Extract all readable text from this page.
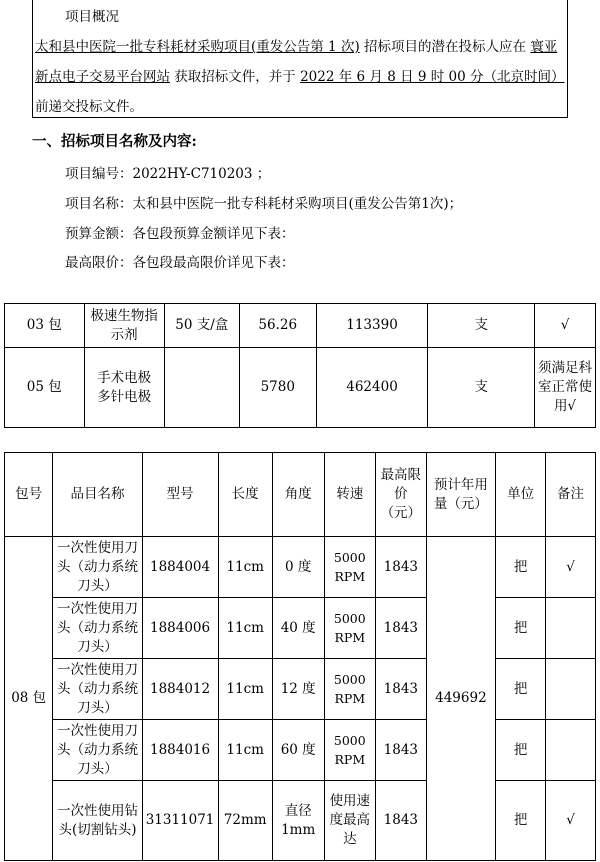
项目概况
太和县中医院一批专科耗材采购项目(重发公告第 1 次) 招标项目的潜在投标人应在 寰亚新点电子交易平台网站 获取招标文件，并于 2022 年 6 月 8 日 9 时 00 分（北京时间） 前递交投标文件。
一、招标项目名称及内容:
项目编号：2022HY-C710203 ；
项目名称：太和县中医院一批专科耗材采购项目(重发公告第1次)；
预算金额：各包段预算金额详见下表：
最高限价：各包段最高限价详见下表：
03 包	极速生物指示剂	50 支/盒	56.26	113390	支	√
05 包	手术电极多针电极		5780	462400	支	须满足科室正常使用√
包号	品目名称	型号	长度	角度	转速	最高限价（元）	预计年用量（元）	单位	备注
08 包	一次性使用刀头（动力系统刀头）	1884004	11cm	0 度	5000 RPM	1843	449692	把	√
	一次性使用刀头（动力系统刀头）	1884006	11cm	40 度	5000 RPM	1843		把	
	一次性使用刀头（动力系统刀头）	1884012	11cm	12 度	5000 RPM	1843		把	
	一次性使用刀头（动力系统刀头）	1884016	11cm	60 度	5000 RPM	1843		把	
	一次性使用钻头(切割钻头)	31311071	72mm	直径 1mm	使用速度最高达	1843		把	√
